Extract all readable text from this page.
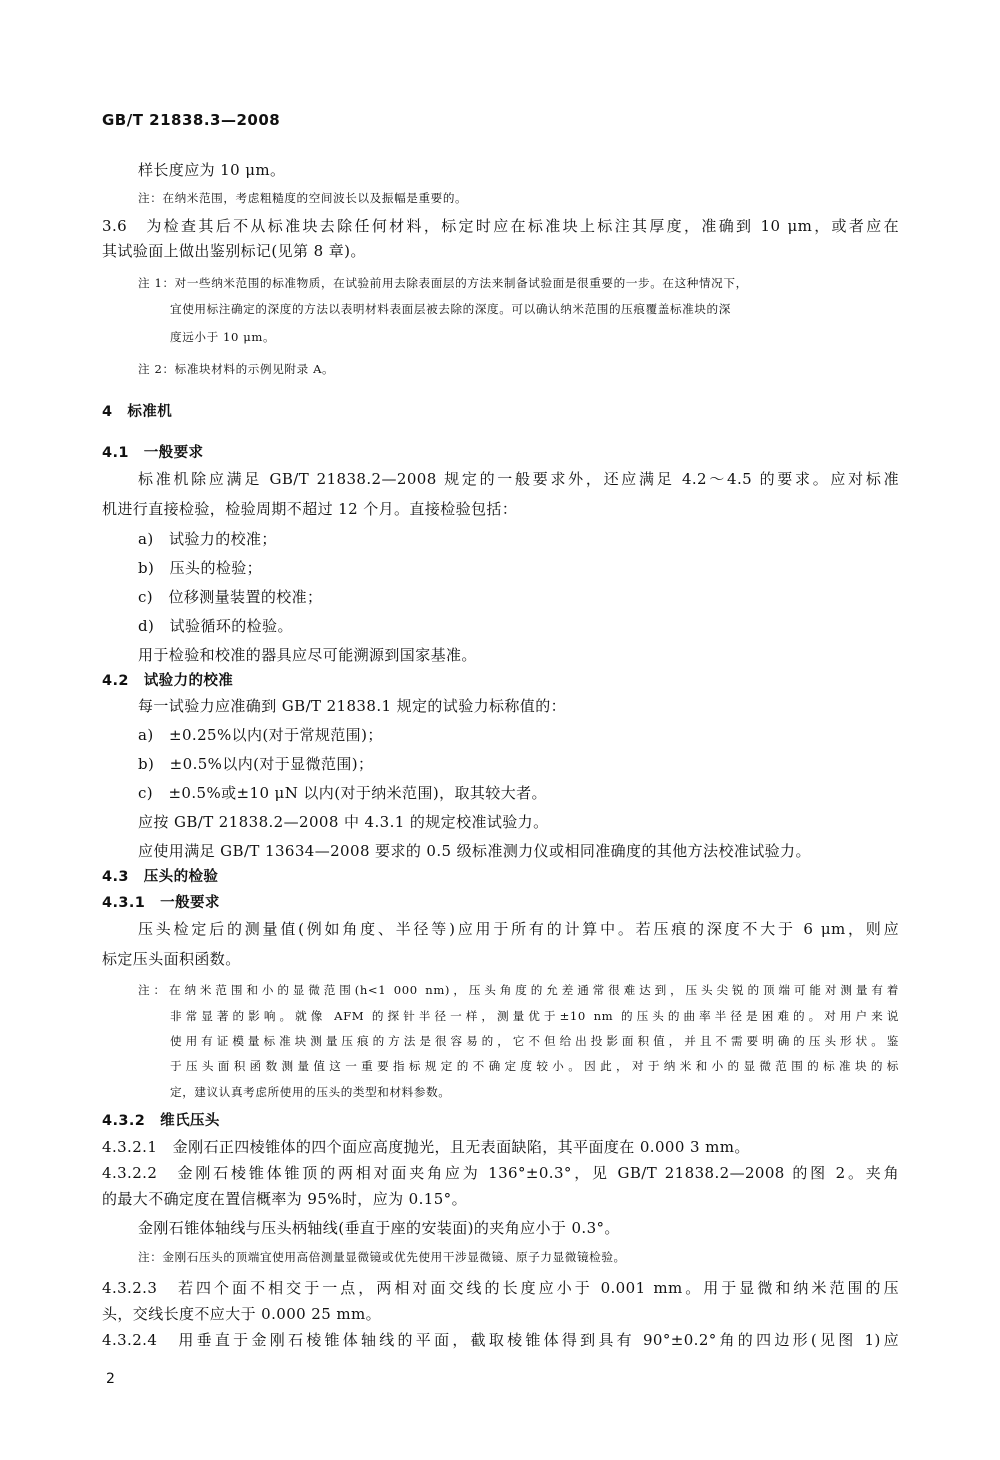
GB/T 21838.3—2008
样长度应为 10 μm。
注：在纳米范围，考虑粗糙度的空间波长以及振幅是重要的。
3.6　为检查其后不从标准块去除任何材料，标定时应在标准块上标注其厚度，准确到 10 μm，或者应在
其试验面上做出鉴别标记(见第 8 章)。
注 1：对一些纳米范围的标准物质，在试验前用去除表面层的方法来制备试验面是很重要的一步。在这种情况下，
宜使用标注确定的深度的方法以表明材料表面层被去除的深度。可以确认纳米范围的压痕覆盖标准块的深
度远小于 10 μm。
注 2：标准块材料的示例见附录 A。
4　标准机
4.1　一般要求
标准机除应满足 GB/T 21838.2—2008 规定的一般要求外，还应满足 4.2～4.5 的要求。应对标准
机进行直接检验，检验周期不超过 12 个月。直接检验包括：
a)　试验力的校准；
b)　压头的检验；
c)　位移测量装置的校准；
d)　试验循环的检验。
用于检验和校准的器具应尽可能溯源到国家基准。
4.2　试验力的校准
每一试验力应准确到 GB/T 21838.1 规定的试验力标称值的：
a)　±0.25%以内(对于常规范围)；
b)　±0.5%以内(对于显微范围)；
c)　±0.5%或±10 μN 以内(对于纳米范围)，取其较大者。
应按 GB/T 21838.2—2008 中 4.3.1 的规定校准试验力。
应使用满足 GB/T 13634—2008 要求的 0.5 级标准测力仪或相同准确度的其他方法校准试验力。
4.3　压头的检验
4.3.1　一般要求
压头检定后的测量值(例如角度、半径等)应用于所有的计算中。若压痕的深度不大于 6 μm，则应
标定压头面积函数。
注：在纳米范围和小的显微范围(h<1 000 nm)，压头角度的允差通常很难达到，压头尖锐的顶端可能对测量有着
非常显著的影响。就像 AFM 的探针半径一样，测量优于±10 nm 的压头的曲率半径是困难的。对用户来说
使用有证模量标准块测量压痕的方法是很容易的，它不但给出投影面积值，并且不需要明确的压头形状。鉴
于压头面积函数测量值这一重要指标规定的不确定度较小。因此，对于纳米和小的显微范围的标准块的标
定，建议认真考虑所使用的压头的类型和材料参数。
4.3.2　维氏压头
4.3.2.1　金刚石正四棱锥体的四个面应高度抛光，且无表面缺陷，其平面度在 0.000 3 mm。
4.3.2.2　金刚石棱锥体锥顶的两相对面夹角应为 136°±0.3°，见 GB/T 21838.2—2008 的图 2。夹角
的最大不确定度在置信概率为 95%时，应为 0.15°。
金刚石锥体轴线与压头柄轴线(垂直于座的安装面)的夹角应小于 0.3°。
注：金刚石压头的顶端宜使用高倍测量显微镜或优先使用干涉显微镜、原子力显微镜检验。
4.3.2.3　若四个面不相交于一点，两相对面交线的长度应小于 0.001 mm。用于显微和纳米范围的压
头，交线长度不应大于 0.000 25 mm。
4.3.2.4　用垂直于金刚石棱锥体轴线的平面，截取棱锥体得到具有 90°±0.2°角的四边形(见图 1)应
2
